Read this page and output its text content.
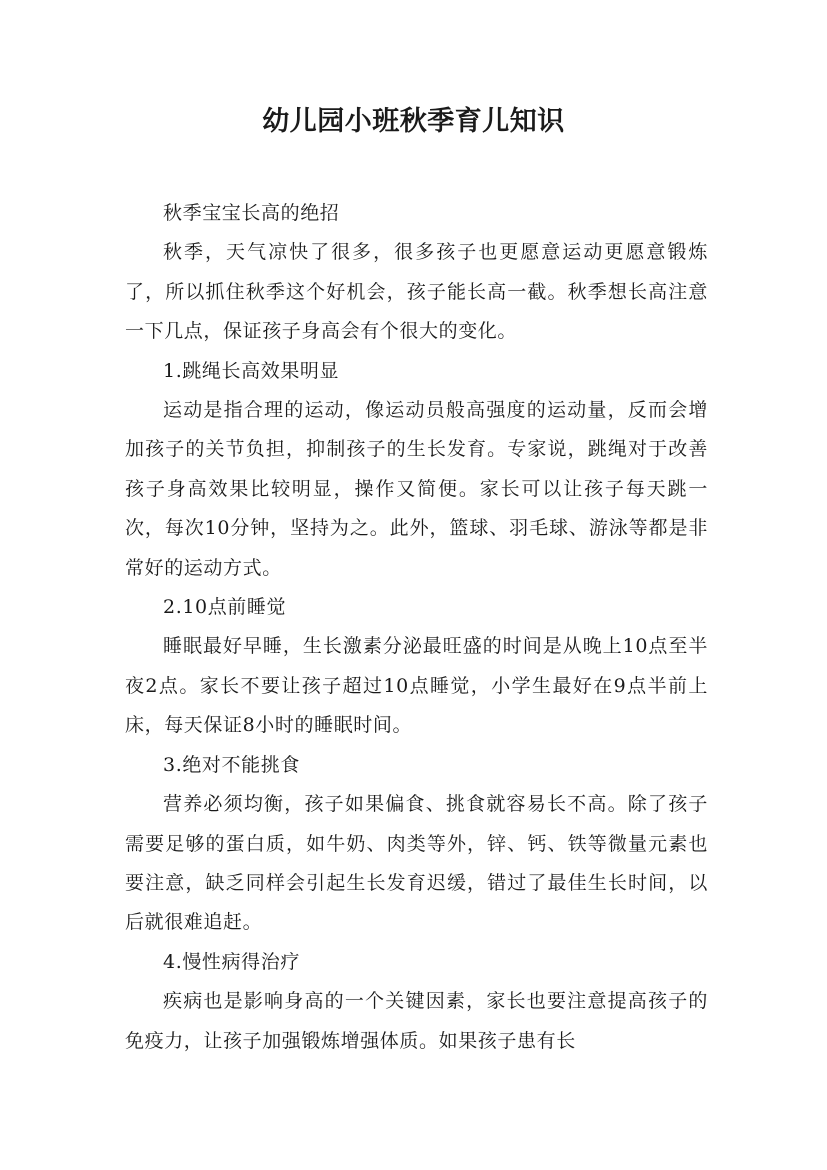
幼儿园小班秋季育儿知识

秋季宝宝长高的绝招

秋季，天气凉快了很多，很多孩子也更愿意运动更愿意锻炼了，所以抓住秋季这个好机会，孩子能长高一截。秋季想长高注意一下几点，保证孩子身高会有个很大的变化。

1.跳绳长高效果明显

运动是指合理的运动，像运动员般高强度的运动量，反而会增加孩子的关节负担，抑制孩子的生长发育。专家说，跳绳对于改善孩子身高效果比较明显，操作又简便。家长可以让孩子每天跳一次，每次10分钟，坚持为之。此外，篮球、羽毛球、游泳等都是非常好的运动方式。

2.10点前睡觉

睡眠最好早睡，生长激素分泌最旺盛的时间是从晚上10点至半夜2点。家长不要让孩子超过10点睡觉，小学生最好在9点半前上床，每天保证8小时的睡眠时间。

3.绝对不能挑食

营养必须均衡，孩子如果偏食、挑食就容易长不高。除了孩子需要足够的蛋白质，如牛奶、肉类等外，锌、钙、铁等微量元素也要注意，缺乏同样会引起生长发育迟缓，错过了最佳生长时间，以后就很难追赶。

4.慢性病得治疗

疾病也是影响身高的一个关键因素，家长也要注意提高孩子的免疫力，让孩子加强锻炼增强体质。如果孩子患有长
